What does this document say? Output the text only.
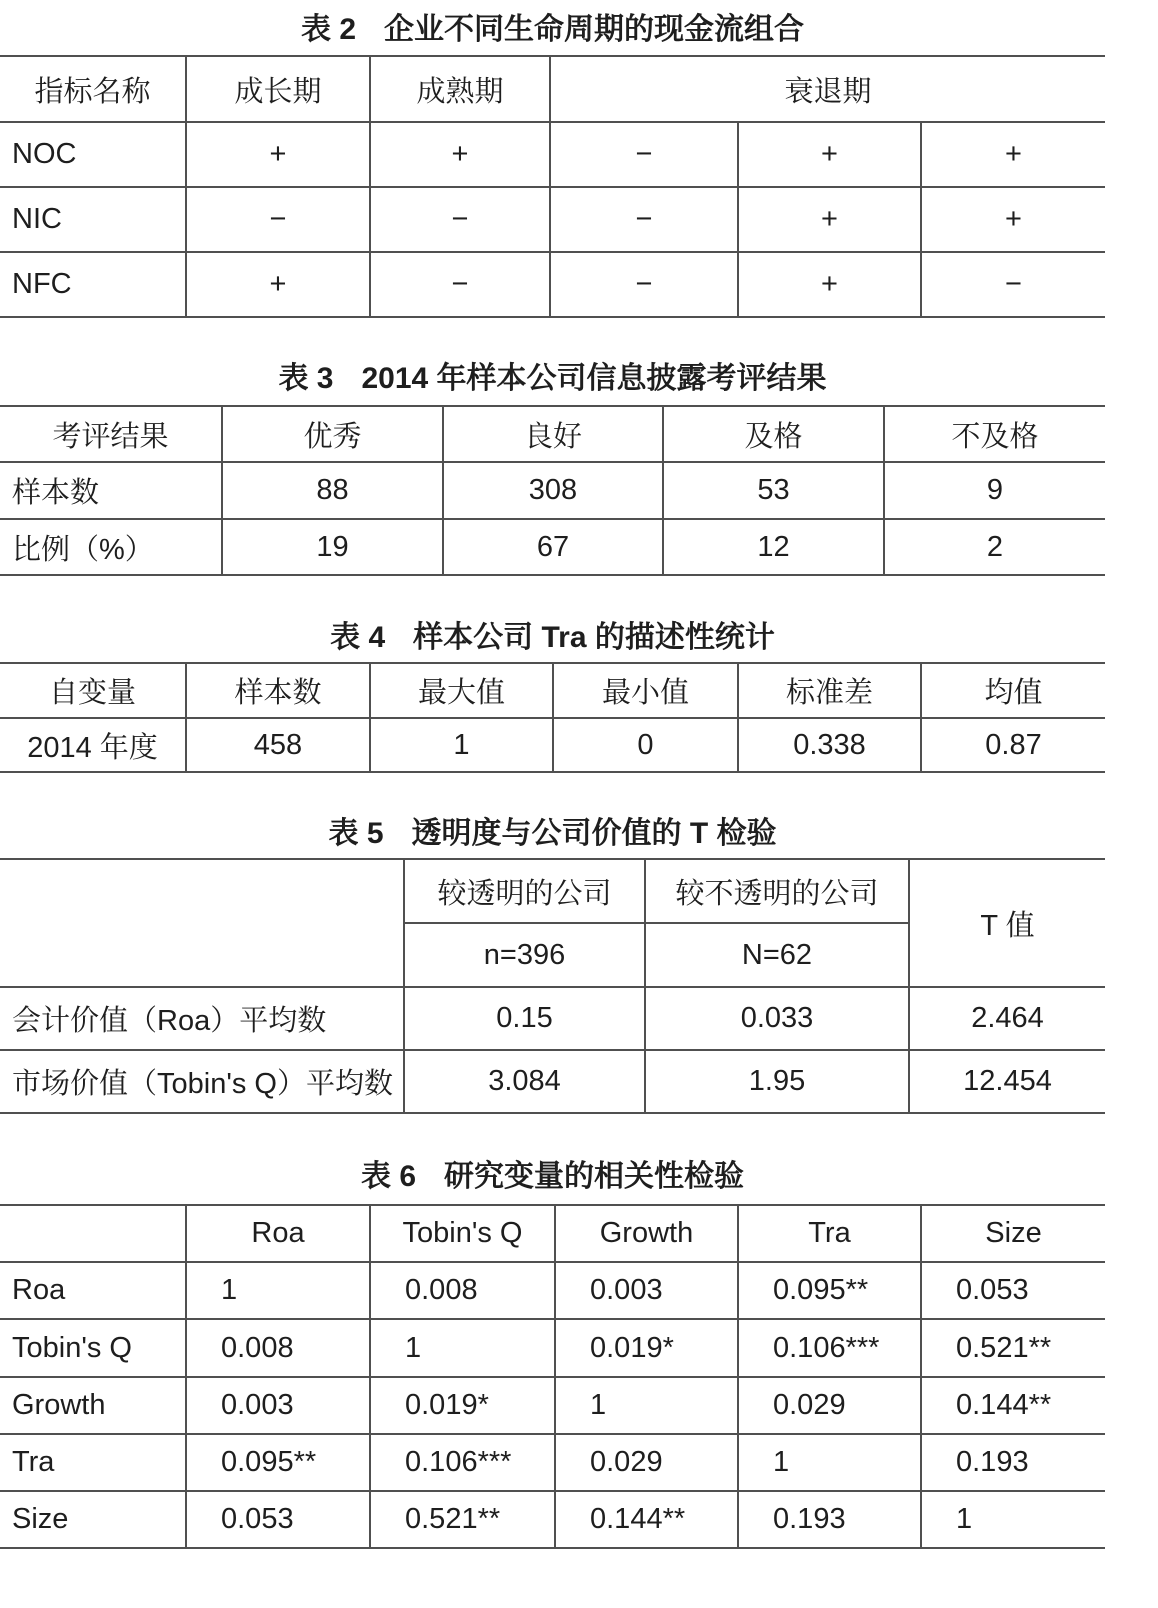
表 2 企业不同生命周期的现金流组合
指标名称	成长期	成熟期	衰退期		
NOC	+	+	−	+	+
NIC	−	−	−	+	+
NFC	+	−	−	+	−
表 3 2014 年样本公司信息披露考评结果
考评结果	优秀	良好	及格	不及格
样本数	88	308	53	9
比例（%）	19	67	12	2
表 4 样本公司 Tra 的描述性统计
自变量	样本数	最大值	最小值	标准差	均值
2014 年度	458	1	0	0.338	0.87
表 5 透明度与公司价值的 T 检验
	较透明的公司	较不透明的公司	T 值
	n=396	N=62	
会计价值（Roa）平均数	0.15	0.033	2.464
市场价值（Tobin's Q）平均数	3.084	1.95	12.454
表 6 研究变量的相关性检验
	Roa	Tobin's Q	Growth	Tra	Size
Roa	1	0.008	0.003	0.095**	0.053
Tobin's Q	0.008	1	0.019*	0.106***	0.521**
Growth	0.003	0.019*	1	0.029	0.144**
Tra	0.095**	0.106***	0.029	1	0.193
Size	0.053	0.521**	0.144**	0.193	1
